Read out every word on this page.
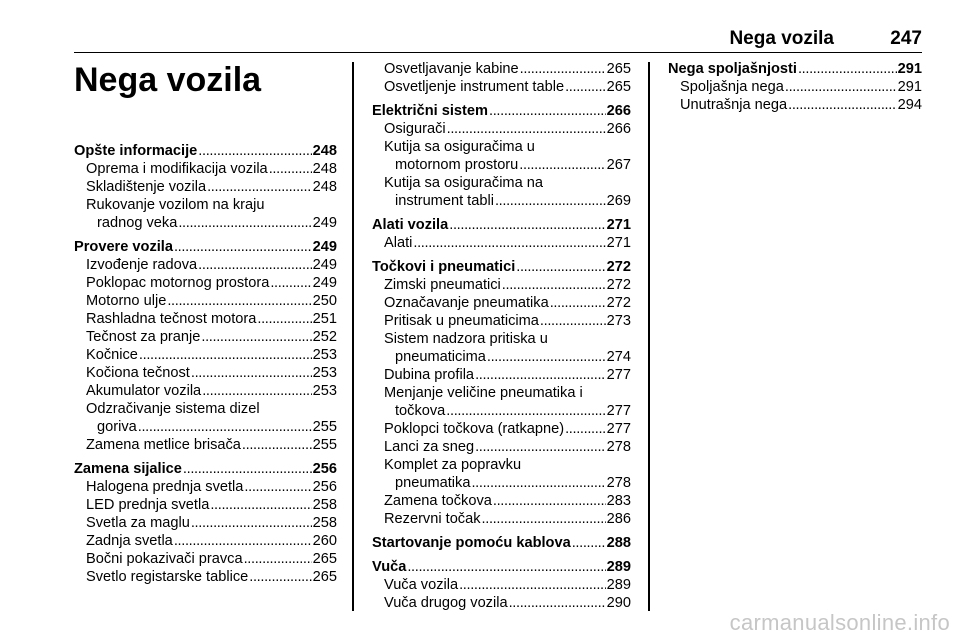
Nega vozila	247
Nega vozila
Opšte informacije . . .	248
Oprema i modifikacija vozila . . .	248
Skladištenje vozila . . .	248
Rukovanje vozilom na kraju
radnog veka . . .	249
Provere vozila . . .	249
Izvođenje radova . . .	249
Poklopac motornog prostora . . .	249
Motorno ulje . . .	250
Rashladna tečnost motora . . .	251
Tečnost za pranje . . .	252
Kočnice . . .	253
Kočiona tečnost . . .	253
Akumulator vozila . . .	253
Odzračivanje sistema dizel
goriva . . .	255
Zamena metlice brisača . . .	255
Zamena sijalice . . .	256
Halogena prednja svetla . . .	256
LED prednja svetla . . .	258
Svetla za maglu . . .	258
Zadnja svetla . . .	260
Bočni pokazivači pravca . . .	265
Svetlo registarske tablice . . .	265
Osvetljavanje kabine . . .	265
Osvetljenje instrument table . . .	265
Električni sistem . . .	266
Osigurači . . .	266
Kutija sa osiguračima u
motornom prostoru . . .	267
Kutija sa osiguračima na
instrument tabli . . .	269
Alati vozila . . .	271
Alati . . .	271
Točkovi i pneumatici . . .	272
Zimski pneumatici . . .	272
Označavanje pneumatika . . .	272
Pritisak u pneumaticima . . .	273
Sistem nadzora pritiska u
pneumaticima . . .	274
Dubina profila . . .	277
Menjanje veličine pneumatika i
točkova . . .	277
Poklopci točkova (ratkapne) . . .	277
Lanci za sneg . . .	278
Komplet za popravku
pneumatika . . .	278
Zamena točkova . . .	283
Rezervni točak . . .	286
Startovanje pomoću kablova . . . 288
Vuča . . .	289
Vuča vozila . . .	289
Vuča drugog vozila . . .	290
Nega spoljašnjosti . . .	291
Spoljašnja nega . . .	291
Unutrašnja nega . . .	294
carmanualsonline.info
